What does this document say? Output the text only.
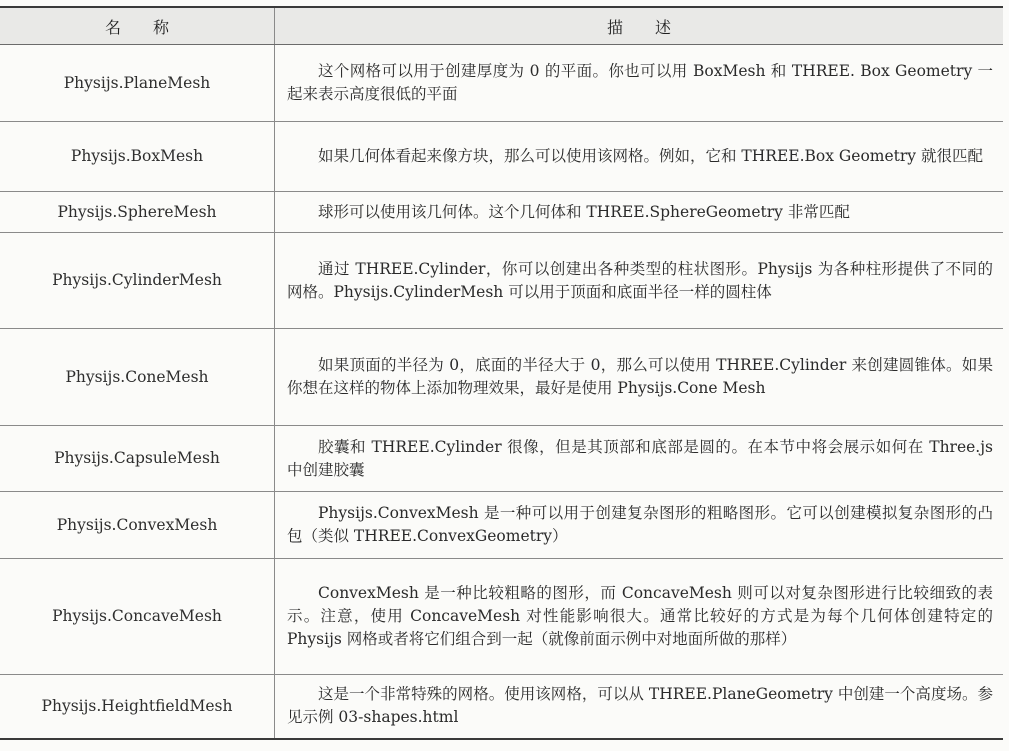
名　　称	描　　述
Physijs.PlaneMesh	这个网格可以用于创建厚度为 0 的平面。你也可以用 BoxMesh 和 THREE. Box Geometry 一起来表示高度很低的平面
Physijs.BoxMesh	如果几何体看起来像方块，那么可以使用该网格。例如，它和 THREE.Box Geometry 就很匹配
Physijs.SphereMesh	球形可以使用该几何体。这个几何体和 THREE.SphereGeometry 非常匹配
Physijs.CylinderMesh	通过 THREE.Cylinder，你可以创建出各种类型的柱状图形。Physijs 为各种柱形提供了不同的网格。Physijs.CylinderMesh 可以用于顶面和底面半径一样的圆柱体
Physijs.ConeMesh	如果顶面的半径为 0，底面的半径大于 0，那么可以使用 THREE.Cylinder 来创建圆锥体。如果你想在这样的物体上添加物理效果，最好是使用 Physijs.Cone Mesh
Physijs.CapsuleMesh	胶囊和 THREE.Cylinder 很像，但是其顶部和底部是圆的。在本节中将会展示如何在 Three.js 中创建胶囊
Physijs.ConvexMesh	Physijs.ConvexMesh 是一种可以用于创建复杂图形的粗略图形。它可以创建模拟复杂图形的凸包（类似 THREE.ConvexGeometry）
Physijs.ConcaveMesh	ConvexMesh 是一种比较粗略的图形，而 ConcaveMesh 则可以对复杂图形进行比较细致的表示。注意，使用 ConcaveMesh 对性能影响很大。通常比较好的方式是为每个几何体创建特定的 Physijs 网格或者将它们组合到一起（就像前面示例中对地面所做的那样）
Physijs.HeightfieldMesh	这是一个非常特殊的网格。使用该网格，可以从 THREE.PlaneGeometry 中创建一个高度场。参见示例 03-shapes.html
